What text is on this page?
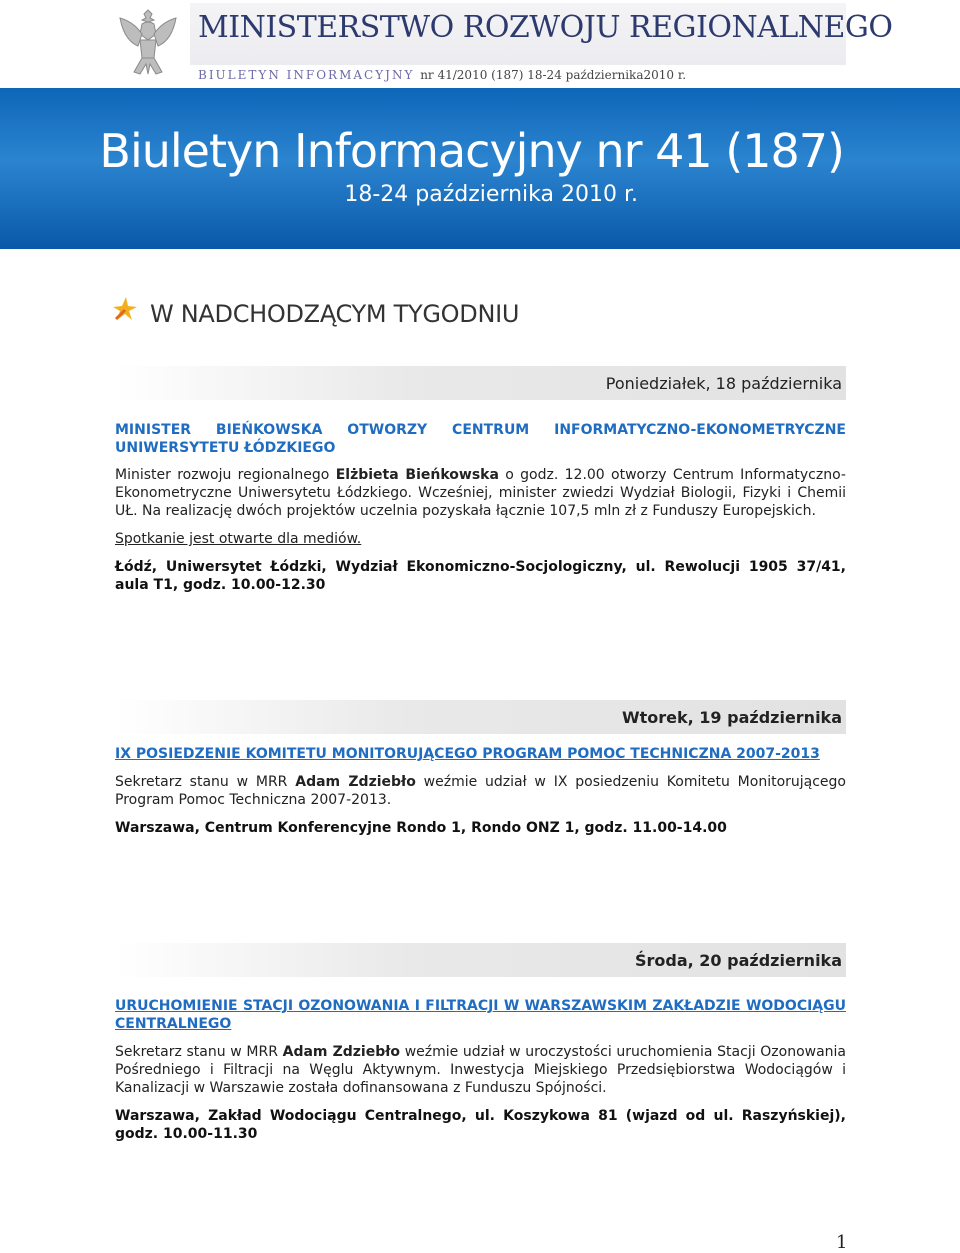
MINISTERSTWO ROZWOJU REGIONALNEGO
BIULETYN INFORMACYJNY nr 41/2010 (187) 18-24 października2010 r.
Biuletyn Informacyjny nr 41 (187)
18-24 października 2010 r.
W NADCHODZĄCYM TYGODNIU
Poniedziałek, 18 października

MINISTER BIEŃKOWSKA OTWORZY CENTRUM INFORMATYCZNO-EKONOMETRYCZNE UNIWERSYTETU ŁÓDZKIEGO

Minister rozwoju regionalnego Elżbieta Bieńkowska o godz. 12.00 otworzy Centrum Informatyczno-Ekonometryczne Uniwersytetu Łódzkiego. Wcześniej, minister zwiedzi Wydział Biologii, Fizyki i Chemii UŁ. Na realizację dwóch projektów uczelnia pozyskała łącznie 107,5 mln zł z Funduszy Europejskich.

Spotkanie jest otwarte dla mediów.

Łódź, Uniwersytet Łódzki, Wydział Ekonomiczno-Socjologiczny, ul. Rewolucji 1905 37/41, aula T1, godz. 10.00-12.30

Wtorek, 19 października

IX POSIEDZENIE KOMITETU MONITORUJĄCEGO PROGRAM POMOC TECHNICZNA 2007-2013

Sekretarz stanu w MRR Adam Zdziebło weźmie udział w IX posiedzeniu Komitetu Monitorującego Program Pomoc Techniczna 2007-2013.

Warszawa, Centrum Konferencyjne Rondo 1, Rondo ONZ 1, godz. 11.00-14.00

Środa, 20 października

URUCHOMIENIE STACJI OZONOWANIA I FILTRACJI W WARSZAWSKIM ZAKŁADZIE WODOCIĄGU CENTRALNEGO

Sekretarz stanu w MRR Adam Zdziebło weźmie udział w uroczystości uruchomienia Stacji Ozonowania Pośredniego i Filtracji na Węglu Aktywnym. Inwestycja Miejskiego Przedsiębiorstwa Wodociągów i Kanalizacji w Warszawie została dofinansowana z Funduszu Spójności.

Warszawa, Zakład Wodociągu Centralnego, ul. Koszykowa 81 (wjazd od ul. Raszyńskiej), godz. 10.00-11.30

1
